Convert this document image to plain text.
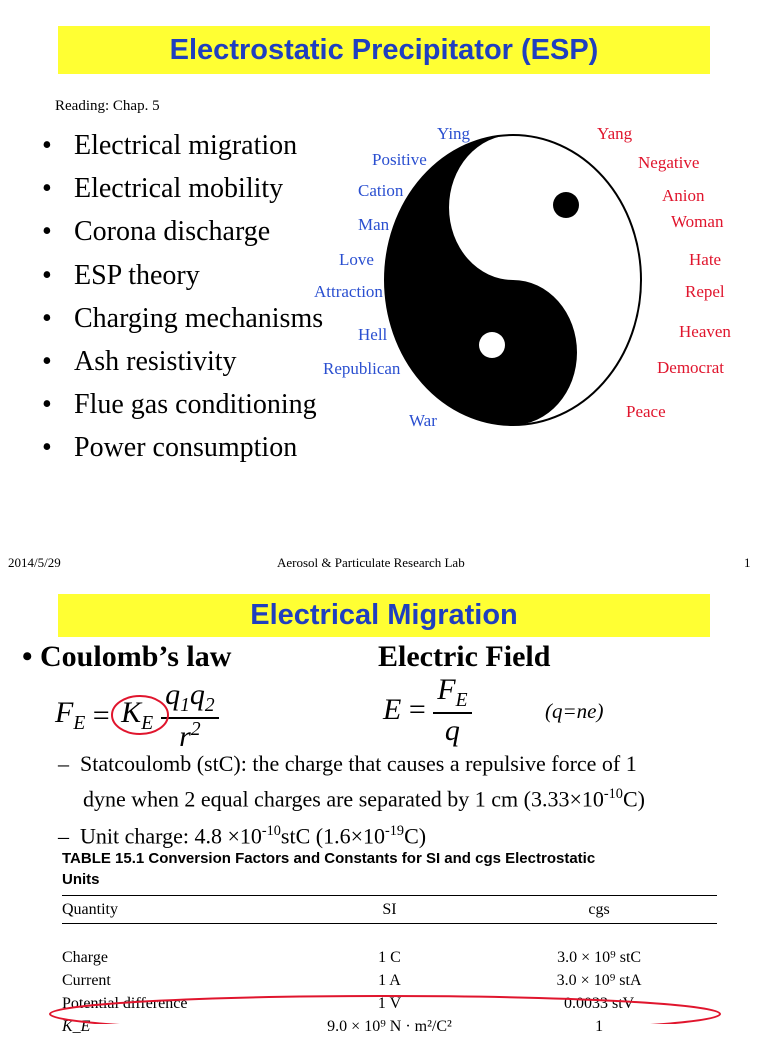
Electrostatic Precipitator (ESP)
Reading: Chap. 5
• Electrical migration
• Electrical mobility
• Corona discharge
• ESP theory
• Charging mechanisms
• Ash resistivity
• Flue gas conditioning
• Power consumption
Ying
Positive
Cation
Man
Love
Attraction
Hell
Republican
War
Yang
Negative
Anion
Woman
Hate
Repel
Heaven
Democrat
Peace
2014/5/29	Aerosol & Particulate Research Lab	1
Electrical Migration
• Coulomb’s law	Electric Field
$F_E = K_E \frac{q_1q_2}{r^2}$	$E = \frac{F_E}{q}$	(q=ne)
–  Statcoulomb (stC): the charge that causes a repulsive force of 1
dyne when 2 equal charges are separated by 1 cm $(3.33\times 10^{-10}C)$
–  Unit charge: $4.8 \times 10^{-10}stC$ $(1.6\times 10^{-19}C)$
TABLE 15.1 Conversion Factors and Constants for SI and cgs Electrostatic
Units
Quantity	SI	cgs

Charge	1 C	3.0 × 10⁹ stC
Current	1 A	3.0 × 10⁹ stA
Potential difference	1 V	0.0033 stV
K_E	9.0 × 10⁹ N · m²/C²	1
